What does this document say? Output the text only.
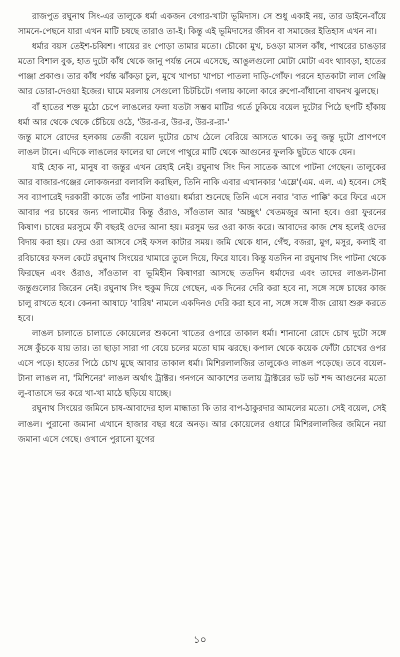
রাজপুত রঘুনাথ সিং-এর তালুকে ধর্মা একজন বেগার-খাটা ভূমিদাস। সে শুধু একাই নয়, তার ডাইনে-বাঁয়ে সামনে-পেছনে যারা এখন মাটি চষছে তারাও তা-ই। কিন্তু এই ভূমিদাসের জীবন বা সমাজের ইতিহাস এখন না।

ধর্মার বয়স তেইশ-চব্বিশ। গায়ের রং পোড়া তামার মতো। চৌকো মুখ, চওড়া মাসল কাঁধ, পাথরের চাঙড়ার মতো বিশাল বুক, হাত দুটো কাঁধ থেকে জানু পর্যন্ত নেমে এসেছে, আঙুলগুলো মোটা মোটা এবং থ্যাবড়া, হাতের পাঞ্জা প্রকাণ্ড। তার কাঁধ পর্যন্ত ঝাঁকড়া চুল, মুখে খাপচা খাপচা পাতলা দাড়ি-গোঁফ। পরনে হাতকাটা লাল গেঞ্জি আর ডোরা-দেওয়া ইজের। ঘামে মরলায় সেগুলো চিটচিটে। গলায় কালো কারে রুপো-বাঁধানো বাঘনখ ঝুলছে।

বাঁ হাতের শক্ত মুঠো চেপে লাঙলের ফলা যতটা সম্ভব মাটির গর্তে ঢুকিয়ে বয়েল দুটোর পিঠে ছপটি হাঁকায় ধর্মা আর থেকে থেকে চেঁচিয়ে ওঠে, 'উর-র-র, উর-র, উর-র-রা-'

জন্তু মাসে রোদের হলকায় তেজী বয়েল দুটোর চোখ ঠেলে বেরিয়ে আসতে থাকে। তবু জন্তু দুটো প্রাণপণে লাঙল টানে। এদিকে লাঙলের ফালের ঘা লেগে পাথুরে মাটি থেকে আগুনের ফুলকি ছুটতে থাকে যেন।

যাই হোক না, মানুষ বা জন্তুর এখন রেহাই নেই। রঘুনাথ সিং দিন সাতেক আগে পাটনা গেছেন। তালুকের আর বাজার-গঞ্জের লোকজনরা বলাবলি করছিল, তিনি নাকি এবার এখানকার 'এম্লে'(এম. এল. এ) হবেন। সেই সব ব্যাপারেই দরকারী কাজে তাঁর পাটনা যাওয়া। ধর্মারা শুনেছে তিনি এসে নবার 'বাত পাক্কি' করে ফিরে এসে আবার পর চাষের জন্য পালামৌর কিন্তু ওঁরাও, সাঁওতাল আর 'অচ্ছুৎ' খেতমজুর আনা হবে। ওরা ফুরনের কিষাণ। চাষের মরসুমে ফী বছরই ওদের আনা হয়। মরসুম ভর ওরা কাজ করে। আবাদের কাজ শেষ হলেই ওদের বিদায় করা হয়। ফের ওরা আসবে সেই ফসল কাটার সময়। জমি থেকে ধান, গেঁহু, বজরা, মুগ, মসুর, কলাই বা রবিচাষের ফসল কেটে রঘুনাথ সিংয়ের খামারে তুলে দিয়ে, ফিরে যাবে। কিন্তু যতদিন না রঘুনাথ সিং পাটনা থেকে ফিরছেন এবং ওঁরাও, সাঁওতাল বা ভূমিহীন কিষাণরা আসছে ততদিন ধর্মাদের এবং তাদের লাঙল-টানা জন্তুগুলোর জিরেন নেই। রঘুনাথ সিং হুকুম দিয়ে গেছেন, এক দিনের দেরি করা হবে না, সঙ্গে সঙ্গে চাষের কাজ চালু রাখতে হবে। কেননা আষাঢ়ে 'বারিষ' নামলে একদিনও দেরি করা হবে না, সঙ্গে সঙ্গে বীজ রোয়া শুরু করতে হবে।

লাঙল চালাতে চালাতে কোয়েলের শুকনো খাতের ওপারে তাকাল ধর্মা। শানানো রোদে চোখ দুটো সঙ্গে সঙ্গে কুঁচকে যায় তার। তা ছাড়া সারা গা বেয়ে চলের মতো ঘাম ঝরছে। কপাল থেকে কয়েক ফোঁটা চোখের ওপর এসে পড়ে। হাতের পিঠে চোখ মুছে আবার তাকাল ধর্মা। মিশিরলালজির তালুকেও লাঙল পড়েছে। তবে বয়েল-টানা লাঙল না, 'মিশিনের' লাঙল অর্থাৎ ট্রাক্টর। গনগনে আকাশের তলায় ট্রাক্টরের ভট ভট শব্দ আগুনের মতো লু-বাতাসে ভর করে খা-খা মাঠে ছড়িয়ে যাচ্ছে।

রঘুনাথ সিংয়ের জমিনে চাষ-আবাদের হাল মান্ধাতা কি তার বাপ-ঠাকুরদার আমলের মতো। সেই বয়েল, সেই লাঙল। পুরানো জমানা এখানে হাজার বছর ধরে অনড়। আর কোয়েলের ওধারে মিশিরলালজির জমিনে নয়া জমানা এসে গেছে। ওখানে পুরানো যুগের

১০
